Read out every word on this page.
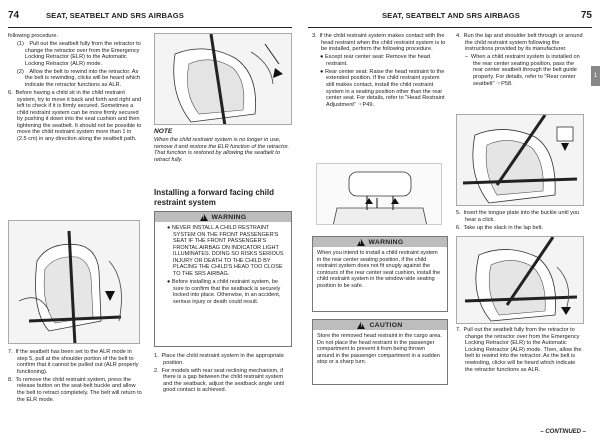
74	SEAT, SEATBELT AND SRS AIRBAGS

following procedure.

(1) Pull out the seatbelt fully from the retractor to change the retractor over from the Emergency Locking Retractor (ELR) to the Automatic Locking Retractor (ALR) mode.

(2) Allow the belt to rewind into the retractor. As the belt is rewinding, clicks will be heard which indicate the retractor functions as ALR.

6. Before having a child sit in the child restraint system, try to move it back and forth and right and left to check if it is firmly secured. Sometimes a child restraint system can be more firmly secured by pushing it down into the seat cushion and then tightening the seatbelt. It should not be possible to move the child restraint system more than 1 in (2.5 cm) in any direction along the seatbelt path.

7. If the seatbelt has been set to the ALR mode in step 5, pull at the shoulder portion of the belt to confirm that it cannot be pulled out (ALR properly functioning).

8. To remove the child restraint system, press the release button on the seat-belt buckle and allow the belt to retract completely. The belt will return to the ELR mode.

NOTE

When the child restraint system is no longer in use, remove it and restore the ELR function of the retractor. That function is restored by allowing the seatbelt to retract fully.

Installing a forward facing child restraint system

! WARNING

● NEVER INSTALL A CHILD RESTRAINT SYSTEM ON THE FRONT PASSENGER'S SEAT IF THE FRONT PASSENGER'S FRONTAL AIRBAG ON INDICATOR LIGHT ILLUMINATES. DOING SO RISKS SERIOUS INJURY OR DEATH TO THE CHILD BY PLACING THE CHILD'S HEAD TOO CLOSE TO THE SRS AIRBAG.

● Before installing a child restraint system, be sure to confirm that the seatback is securely locked into place. Otherwise, in an accident, serious injury or death could result.

1. Place the child restraint system in the appropriate position.

2. For models with rear seat reclining mechanism, if there is a gap between the child restraint system and the seatback, adjust the seatback angle until good contact is achieved.

SEAT, SEATBELT AND SRS AIRBAGS	75
1

3. If the child restraint system makes contact with the head restraint when the child restraint system is to be installed, perform the following procedure.

● Except rear center seat: Remove the head restraint.

● Rear center seat: Raise the head restraint to the extended position. If the child restraint system still makes contact, install the child restraint system in a seating position other than the rear center seat. For details, refer to "Head Restraint Adjustment" ☞P49.

! WARNING
When you intend to install a child restraint system in the rear center seating position, if the child restraint system does not fit snugly against the contours of the rear center seat cushion, install the child restraint system in the window-side seating position to be safe.
! CAUTION
Store the removed head restraint in the cargo area. Do not place the head restraint in the passenger compartment to prevent it from being thrown around in the passenger compartment in a sudden stop or a sharp turn.

4. Run the lap and shoulder belt through or around the child restraint system following the instructions provided by its manufacturer.

– When a child restraint system is installed on the rear center seating position, pass the rear center seatbelt through the belt guide properly. For details, refer to "Rear center seatbelt" ☞P58.

5. Insert the tongue plate into the buckle until you hear a click.

6. Take up the slack in the lap belt.

7. Pull out the seatbelt fully from the retractor to change the retractor over from the Emergency Locking Retractor (ELR) to the Automatic Locking Retractor (ALR) mode. Then, allow the belt to rewind into the retractor. As the belt is rewinding, clicks will be heard which indicate the retractor functions as ALR.

– CONTINUED –
